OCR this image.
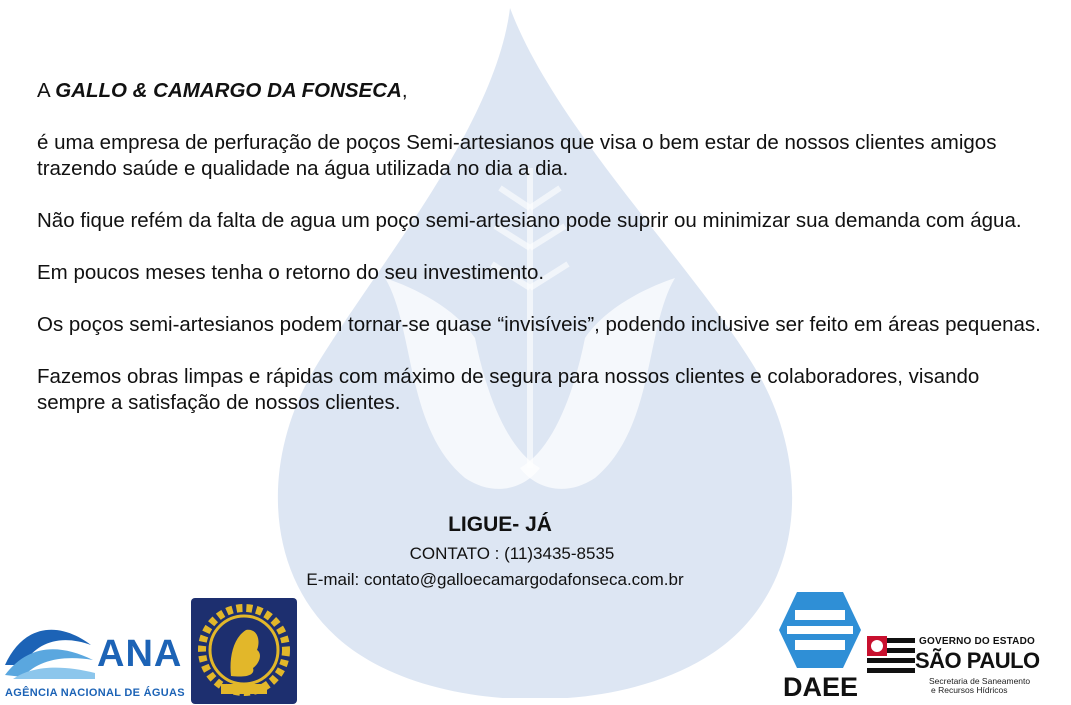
A GALLO & CAMARGO DA FONSECA,

é uma empresa de perfuração de poços Semi-artesianos que visa o bem estar de nossos clientes amigos trazendo saúde e qualidade na água utilizada no dia a dia.

Não fique refém da falta de agua um poço semi-artesiano pode suprir ou minimizar sua demanda com água.

Em poucos meses tenha o retorno do seu investimento.

Os poços semi-artesianos podem tornar-se quase “invisíveis”, podendo inclusive ser feito em áreas pequenas.

Fazemos obras limpas e rápidas com máximo de segura para nossos clientes e colaboradores, visando sempre a satisfação de nossos clientes.

LIGUE- JÁ
CONTATO : (11)3435-8535
E-mail: contato@galloecamargodafonseca.com.br
ANA
AGÊNCIA NACIONAL DE ÁGUAS	DAEE
GOVERNO DO ESTADO
SÃO PAULO
Secretaria de Saneamento
e Recursos Hídricos
